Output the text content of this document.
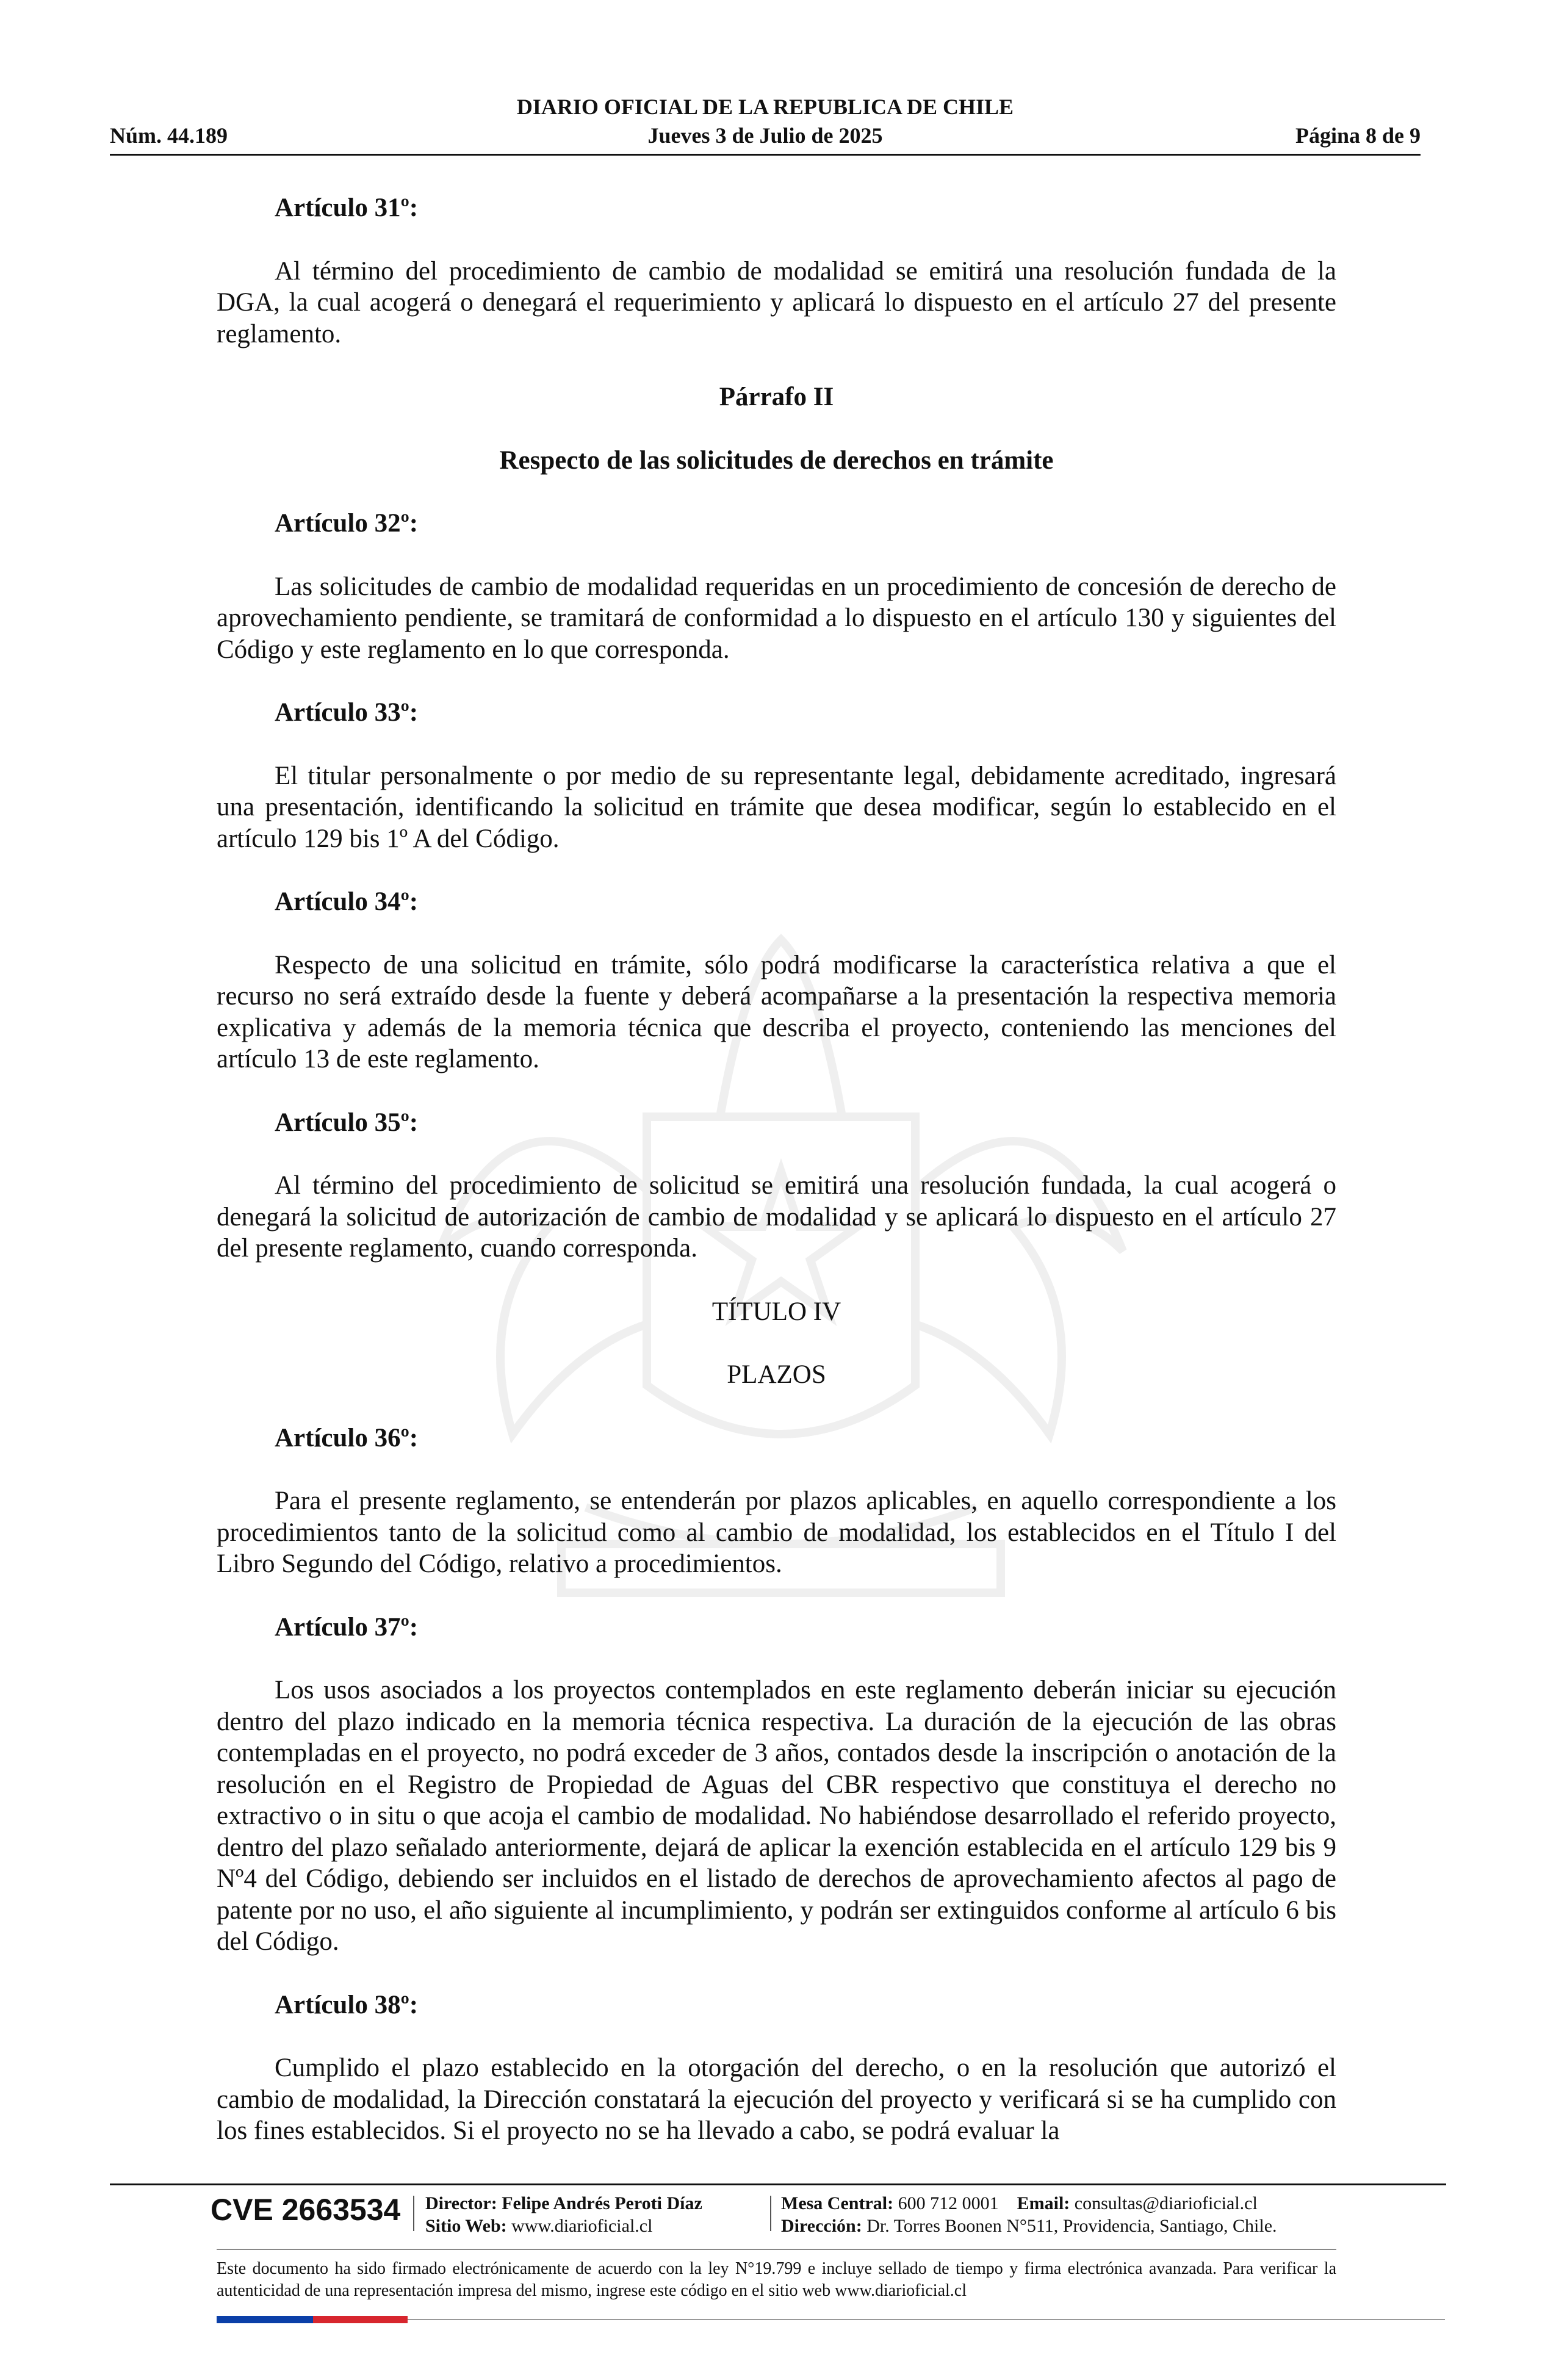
DIARIO OFICIAL DE LA REPUBLICA DE CHILE
Núm. 44.189	Jueves 3 de Julio de 2025	Página 8 de 9
Artículo 31º:
Al término del procedimiento de cambio de modalidad se emitirá una resolución fundada de la DGA, la cual acogerá o denegará el requerimiento y aplicará lo dispuesto en el artículo 27 del presente reglamento.
Párrafo II
Respecto de las solicitudes de derechos en trámite
Artículo 32º:
Las solicitudes de cambio de modalidad requeridas en un procedimiento de concesión de derecho de aprovechamiento pendiente, se tramitará de conformidad a lo dispuesto en el artículo 130 y siguientes del Código y este reglamento en lo que corresponda.
Artículo 33º:
El titular personalmente o por medio de su representante legal, debidamente acreditado, ingresará una presentación, identificando la solicitud en trámite que desea modificar, según lo establecido en el artículo 129 bis 1º A del Código.
Artículo 34º:
Respecto de una solicitud en trámite, sólo podrá modificarse la característica relativa a que el recurso no será extraído desde la fuente y deberá acompañarse a la presentación la respectiva memoria explicativa y además de la memoria técnica que describa el proyecto, conteniendo las menciones del artículo 13 de este reglamento.
Artículo 35º:
Al término del procedimiento de solicitud se emitirá una resolución fundada, la cual acogerá o denegará la solicitud de autorización de cambio de modalidad y se aplicará lo dispuesto en el artículo 27 del presente reglamento, cuando corresponda.
TÍTULO IV
PLAZOS
Artículo 36º:
Para el presente reglamento, se entenderán por plazos aplicables, en aquello correspondiente a los procedimientos tanto de la solicitud como al cambio de modalidad, los establecidos en el Título I del Libro Segundo del Código, relativo a procedimientos.
Artículo 37º:
Los usos asociados a los proyectos contemplados en este reglamento deberán iniciar su ejecución dentro del plazo indicado en la memoria técnica respectiva. La duración de la ejecución de las obras contempladas en el proyecto, no podrá exceder de 3 años, contados desde la inscripción o anotación de la resolución en el Registro de Propiedad de Aguas del CBR respectivo que constituya el derecho no extractivo o in situ o que acoja el cambio de modalidad. No habiéndose desarrollado el referido proyecto, dentro del plazo señalado anteriormente, dejará de aplicar la exención establecida en el artículo 129 bis 9 Nº4 del Código, debiendo ser incluidos en el listado de derechos de aprovechamiento afectos al pago de patente por no uso, el año siguiente al incumplimiento, y podrán ser extinguidos conforme al artículo 6 bis del Código.
Artículo 38º:
Cumplido el plazo establecido en la otorgación del derecho, o en la resolución que autorizó el cambio de modalidad, la Dirección constatará la ejecución del proyecto y verificará si se ha cumplido con los fines establecidos. Si el proyecto no se ha llevado a cabo, se podrá evaluar la
CVE 2663534 Director: Felipe Andrés Peroti Díaz
Sitio Web: www.diarioficial.cl
Mesa Central: 600 712 0001 Email: consultas@diarioficial.cl
Dirección: Dr. Torres Boonen N°511, Providencia, Santiago, Chile.
Este documento ha sido firmado electrónicamente de acuerdo con la ley N°19.799 e incluye sellado de tiempo y firma electrónica avanzada. Para verificar la autenticidad de una representación impresa del mismo, ingrese este código en el sitio web www.diarioficial.cl
